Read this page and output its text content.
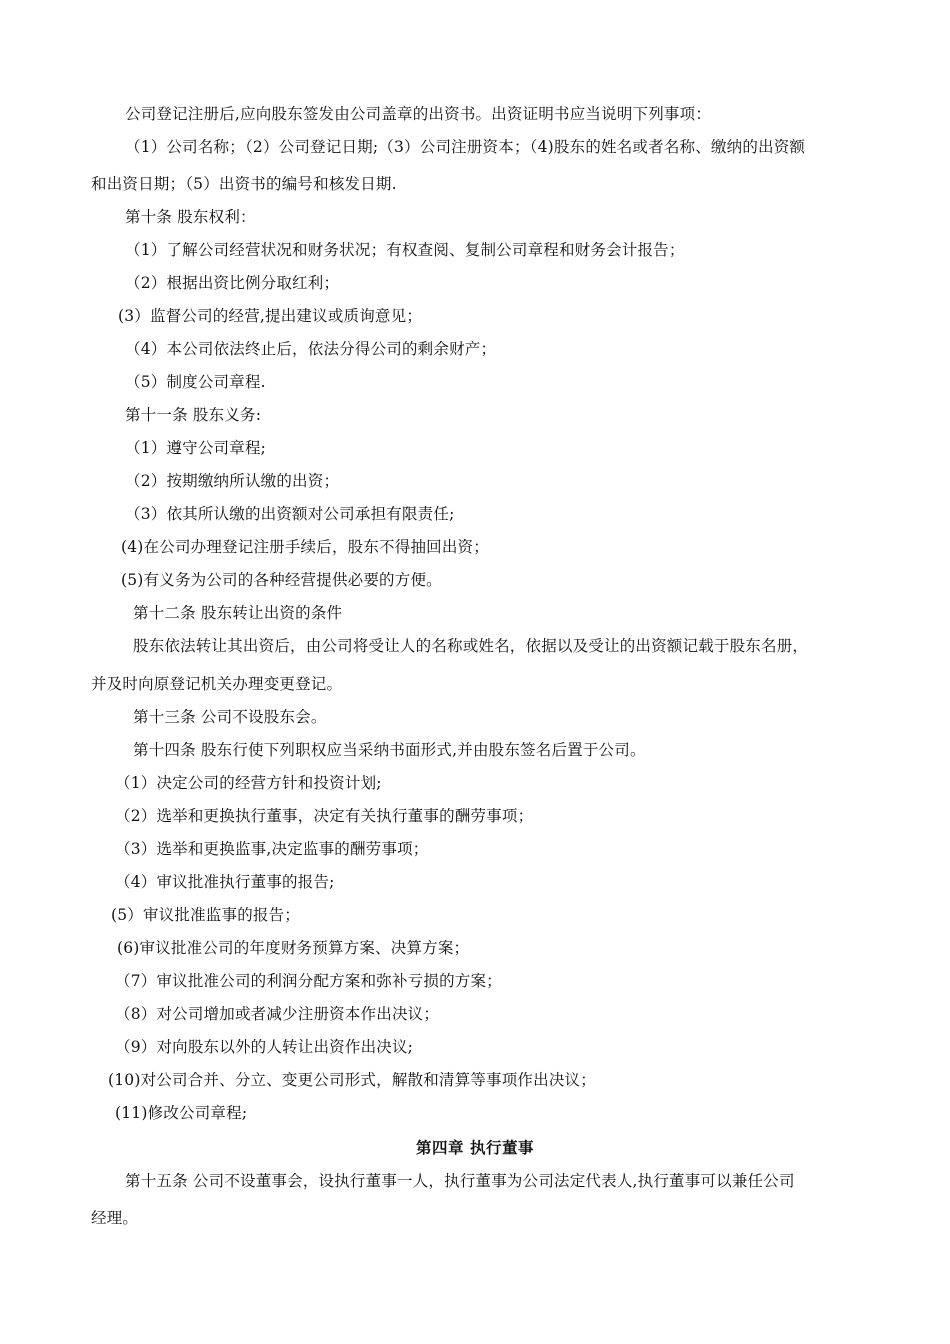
公司登记注册后,应向股东签发由公司盖章的出资书。出资证明书应当说明下列事项：
（1）公司名称；（2）公司登记日期;（3）公司注册资本；（4)股东的姓名或者名称、缴纳的出资额
和出资日期；（5）出资书的编号和核发日期.
第十条 股东权利：
（1）了解公司经营状况和财务状况；有权查阅、复制公司章程和财务会计报告；
（2）根据出资比例分取红利；
(3）监督公司的经营,提出建议或质询意见；
（4）本公司依法终止后，依法分得公司的剩余财产；
（5）制度公司章程.
第十一条 股东义务:
（1）遵守公司章程;
（2）按期缴纳所认缴的出资；
（3）依其所认缴的出资额对公司承担有限责任;
(4)在公司办理登记注册手续后，股东不得抽回出资；
(5)有义务为公司的各种经营提供必要的方便。
第十二条 股东转让出资的条件
股东依法转让其出资后，由公司将受让人的名称或姓名，依据以及受让的出资额记载于股东名册，
并及时向原登记机关办理变更登记。
第十三条 公司不设股东会。
第十四条 股东行使下列职权应当采纳书面形式,并由股东签名后置于公司。
（1）决定公司的经营方针和投资计划;
（2）选举和更换执行董事，决定有关执行董事的酬劳事项；
（3）选举和更换监事,决定监事的酬劳事项；
（4）审议批准执行董事的报告;
(5）审议批准监事的报告；
(6)审议批准公司的年度财务预算方案、决算方案；
（7）审议批准公司的利润分配方案和弥补亏损的方案；
（8）对公司增加或者减少注册资本作出决议；
（9）对向股东以外的人转让出资作出决议;
(10)对公司合并、分立、变更公司形式，解散和清算等事项作出决议；
(11)修改公司章程;
第四章 执行董事
第十五条 公司不设董事会，设执行董事一人，执行董事为公司法定代表人,执行董事可以兼任公司
经理。
